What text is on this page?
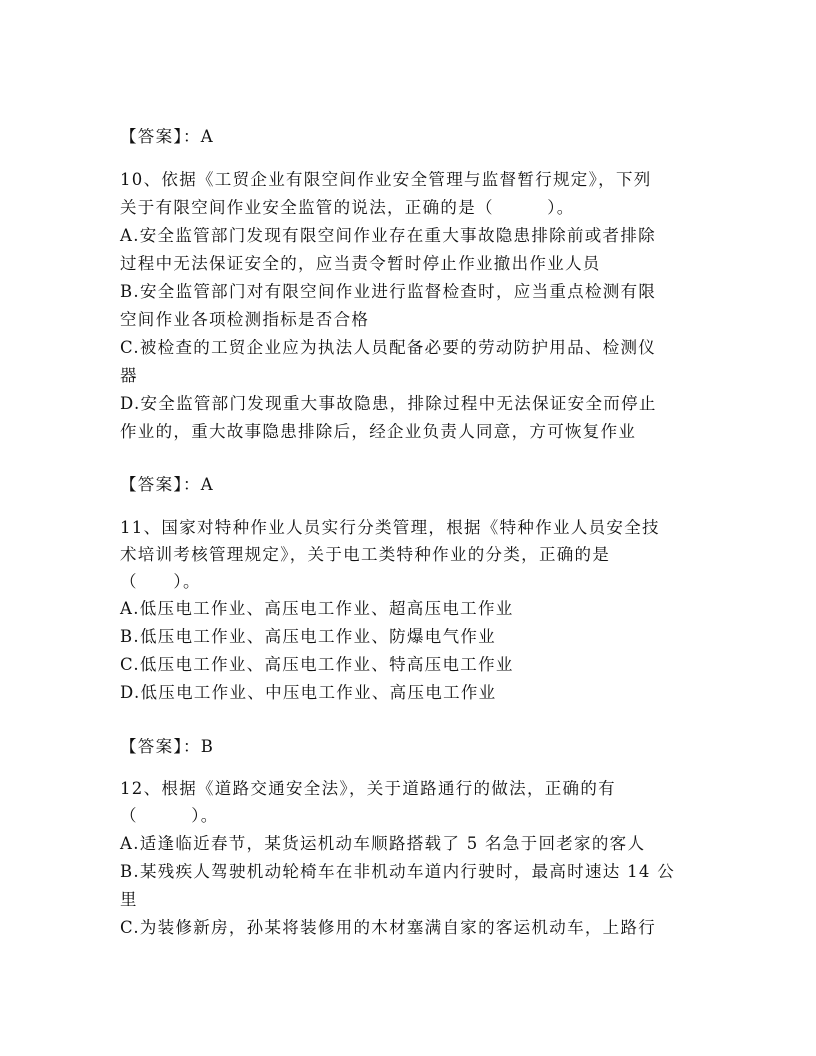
【答案】：A
10、依据《工贸企业有限空间作业安全管理与监督暂行规定》，下列
关于有限空间作业安全监管的说法，正确的是（　　　）。
A.安全监管部门发现有限空间作业存在重大事故隐患排除前或者排除
过程中无法保证安全的，应当责令暂时停止作业撤出作业人员
B.安全监管部门对有限空间作业进行监督检查时，应当重点检测有限
空间作业各项检测指标是否合格
C.被检查的工贸企业应为执法人员配备必要的劳动防护用品、检测仪
器
D.安全监管部门发现重大事故隐患，排除过程中无法保证安全而停止
作业的，重大故事隐患排除后，经企业负责人同意，方可恢复作业
【答案】：A
11、国家对特种作业人员实行分类管理，根据《特种作业人员安全技
术培训考核管理规定》，关于电工类特种作业的分类，正确的是
（　　）。
A.低压电工作业、高压电工作业、超高压电工作业
B.低压电工作业、高压电工作业、防爆电气作业
C.低压电工作业、高压电工作业、特高压电工作业
D.低压电工作业、中压电工作业、高压电工作业
【答案】：B
12、根据《道路交通安全法》，关于道路通行的做法，正确的有
（　　　）。
A.适逢临近春节，某货运机动车顺路搭载了 5 名急于回老家的客人
B.某残疾人驾驶机动轮椅车在非机动车道内行驶时，最高时速达 14 公
里
C.为装修新房，孙某将装修用的木材塞满自家的客运机动车，上路行
